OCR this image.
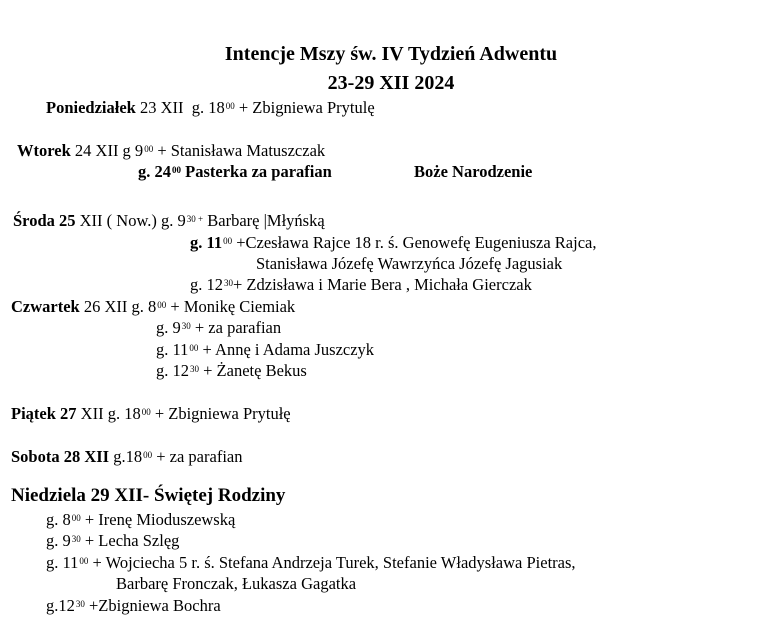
Intencje Mszy św. IV Tydzień Adwentu
23-29 XII 2024
Poniedziałek 23 XII g. $18^{00}$ + Zbigniewa Prytulę
Wtorek 24 XII g $9^{00}$ + Stanisława Matuszczak
g. $24^{00}$ Pasterka za parafian	Boże Narodzenie
Środa 25 XII ( Now.) g. $9^{30 +}$ Barbarę |Młyńską
g. $11^{00}$ +Czesława Rajce 18 r. ś. Genowefę Eugeniusza Rajca,
Stanisława Józefę Wawrzyńca Józefę Jagusiak
g. $12^{30}+$ Zdzisława i Marie Bera , Michała Gierczak
Czwartek 26 XII g. $8^{00}$ + Monikę Ciemiak
g. $9^{30}$ + za parafian
g. $11^{00}$ + Annę i Adama Juszczyk
g. $12^{30}$ + Żanetę Bekus
Piątek 27 XII g. $18^{00}$ + Zbigniewa Prytułę
Sobota 28 XII $g.18^{00}$ + za parafian
Niedziela 29 XII- Świętej Rodziny
g. $8^{00}$ + Irenę Mioduszewską
g. $9^{30}$ + Lecha Szlęg
g. $11^{00}$ + Wojciecha 5 r. ś. Stefana Andrzeja Turek, Stefanie Władysława Pietras,
Barbarę Fronczak, Łukasza Gagatka
$g.12^{30}$ +Zbigniewa Bochra
